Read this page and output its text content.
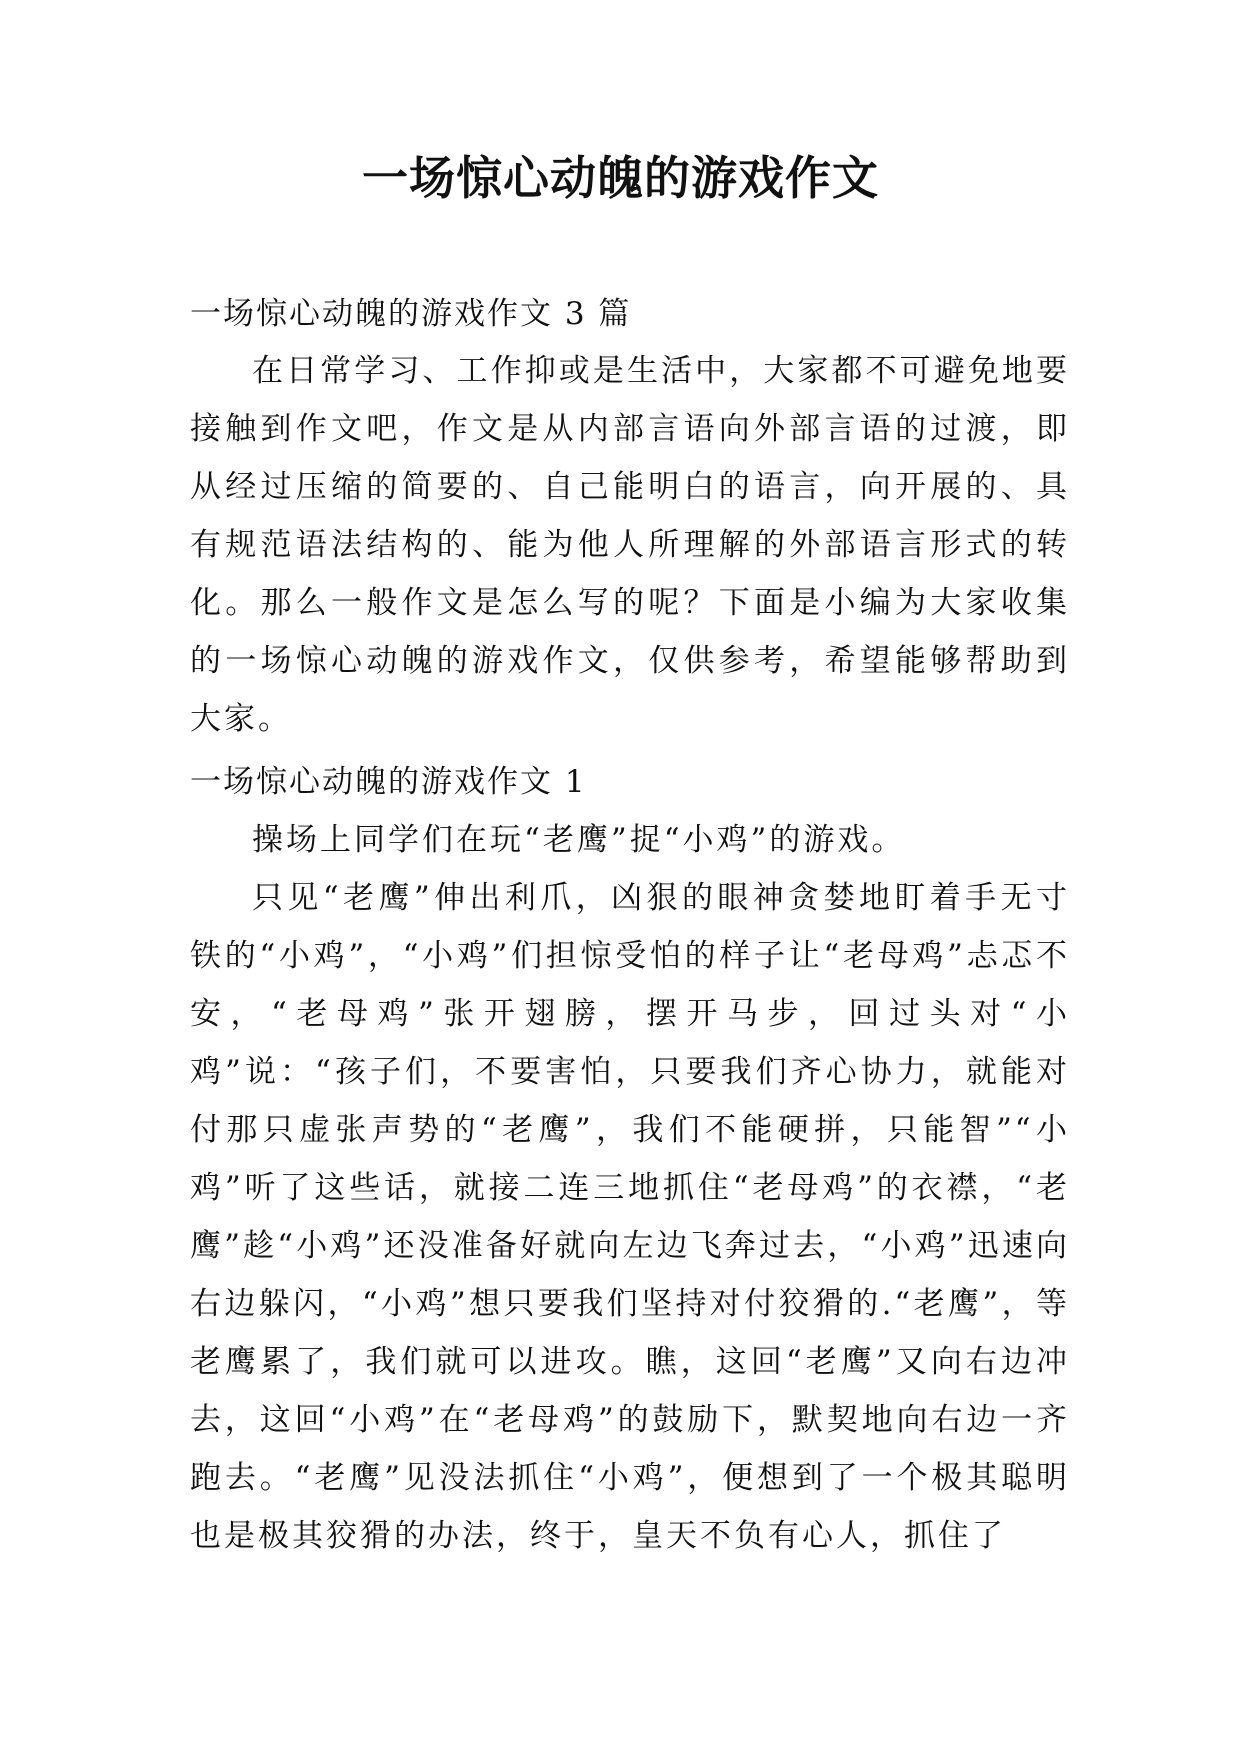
一场惊心动魄的游戏作文
一场惊心动魄的游戏作文 3 篇

在日常学习、工作抑或是生活中，大家都不可避免地要接触到作文吧，作文是从内部言语向外部言语的过渡，即从经过压缩的简要的、自己能明白的语言，向开展的、具有规范语法结构的、能为他人所理解的外部语言形式的转化。那么一般作文是怎么写的呢？下面是小编为大家收集的一场惊心动魄的游戏作文，仅供参考，希望能够帮助到大家。

一场惊心动魄的游戏作文 1

操场上同学们在玩“老鹰”捉“小鸡”的游戏。

只见“老鹰”伸出利爪，凶狠的眼神贪婪地盯着手无寸铁的“小鸡”，“小鸡”们担惊受怕的样子让“老母鸡”忐忑不安，“老母鸡”张开翅膀，摆开马步，回过头对“小鸡”说：“孩子们，不要害怕，只要我们齐心协力，就能对付那只虚张声势的“老鹰”，我们不能硬拼，只能智”“小鸡”听了这些话，就接二连三地抓住“老母鸡”的衣襟，“老鹰”趁“小鸡”还没准备好就向左边飞奔过去，“小鸡”迅速向右边躲闪，“小鸡”想只要我们坚持对付狡猾的.“老鹰”，等老鹰累了，我们就可以进攻。瞧，这回“老鹰”又向右边冲去，这回“小鸡”在“老母鸡”的鼓励下，默契地向右边一齐跑去。“老鹰”见没法抓住“小鸡”，便想到了一个极其聪明也是极其狡猾的办法，终于，皇天不负有心人，抓住了
